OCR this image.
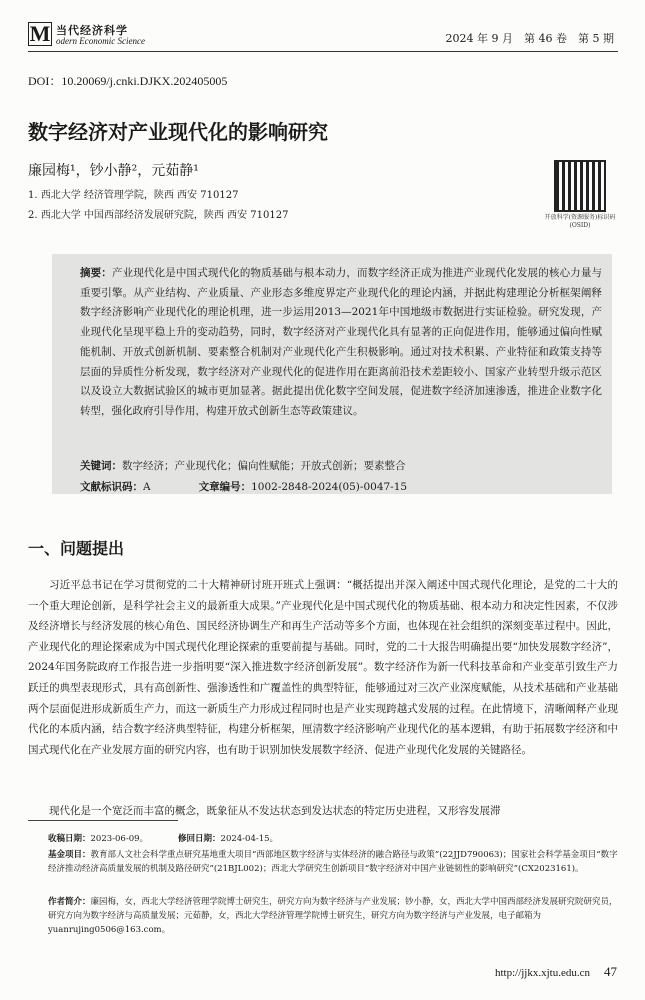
M 当代经济科学
odern Economic Science	2024 年 9 月　第 46 卷　第 5 期
DOI：10.20069/j.cnki.DJKX.202405005
数字经济对产业现代化的影响研究
廉园梅¹，钞小静²，元茹静¹
1. 西北大学 经济管理学院，陕西 西安 710127
2. 西北大学 中国西部经济发展研究院，陕西 西安 710127	开放科学(资源服务)标识码(OSID)
摘要：产业现代化是中国式现代化的物质基础与根本动力，而数字经济正成为推进产业现代化发展的核心力量与重要引擎。从产业结构、产业质量、产业形态多维度界定产业现代化的理论内涵，并据此构建理论分析框架阐释数字经济影响产业现代化的理论机理，进一步运用2013—2021年中国地级市数据进行实证检验。研究发现，产业现代化呈现平稳上升的变动趋势，同时，数字经济对产业现代化具有显著的正向促进作用，能够通过偏向性赋能机制、开放式创新机制、要素整合机制对产业现代化产生积极影响。通过对技术积累、产业特征和政策支持等层面的异质性分析发现，数字经济对产业现代化的促进作用在距离前沿技术差距较小、国家产业转型升级示范区以及设立大数据试验区的城市更加显著。据此提出优化数字空间发展，促进数字经济加速渗透，推进企业数字化转型，强化政府引导作用，构建开放式创新生态等政策建议。
关键词：数字经济；产业现代化；偏向性赋能；开放式创新；要素整合
文献标识码：A	文章编号：1002-2848-2024(05)-0047-15
一、问题提出

习近平总书记在学习贯彻党的二十大精神研讨班开班式上强调：“概括提出并深入阐述中国式现代化理论，是党的二十大的一个重大理论创新，是科学社会主义的最新重大成果。”产业现代化是中国式现代化的物质基础、根本动力和决定性因素，不仅涉及经济增长与经济发展的核心角色、国民经济协调生产和再生产活动等多个方面，也体现在社会组织的深刻变革过程中。因此，产业现代化的理论探索成为中国式现代化理论探索的重要前提与基础。同时，党的二十大报告明确提出要“加快发展数字经济”，2024年国务院政府工作报告进一步指明要“深入推进数字经济创新发展”。数字经济作为新一代科技革命和产业变革引致生产力跃迁的典型表现形式，具有高创新性、强渗透性和广覆盖性的典型特征，能够通过对三次产业深度赋能，从技术基础和产业基础两个层面促进形成新质生产力，而这一新质生产力形成过程同时也是产业实现跨越式发展的过程。在此情境下，清晰阐释产业现代化的本质内涵，结合数字经济典型特征，构建分析框架，厘清数字经济影响产业现代化的基本逻辑，有助于拓展数字经济和中国式现代化在产业发展方面的研究内容，也有助于识别加快发展数字经济、促进产业现代化发展的关键路径。

现代化是一个宽泛而丰富的概念，既象征从不发达状态到发达状态的特定历史进程，又形容发展滞

收稿日期：2023-06-09。	修回日期：2024-04-15。
基金项目：教育部人文社会科学重点研究基地重大项目“西部地区数字经济与实体经济的融合路径与政策”(22JJD790063)；国家社会科学基金项目“数字经济推动经济高质量发展的机制及路径研究”(21BJL002)；西北大学研究生创新项目“数字经济对中国产业链韧性的影响研究”(CX2023161)。
作者简介：廉园梅，女，西北大学经济管理学院博士研究生，研究方向为数字经济与产业发展；钞小静，女，西北大学中国西部经济发展研究院研究员，研究方向为数字经济与高质量发展；元茹静，女，西北大学经济管理学院博士研究生，研究方向为数字经济与产业发展，电子邮箱为 yuanrujing0506@163.com。
http://jjkx.xjtu.edu.cn 47
